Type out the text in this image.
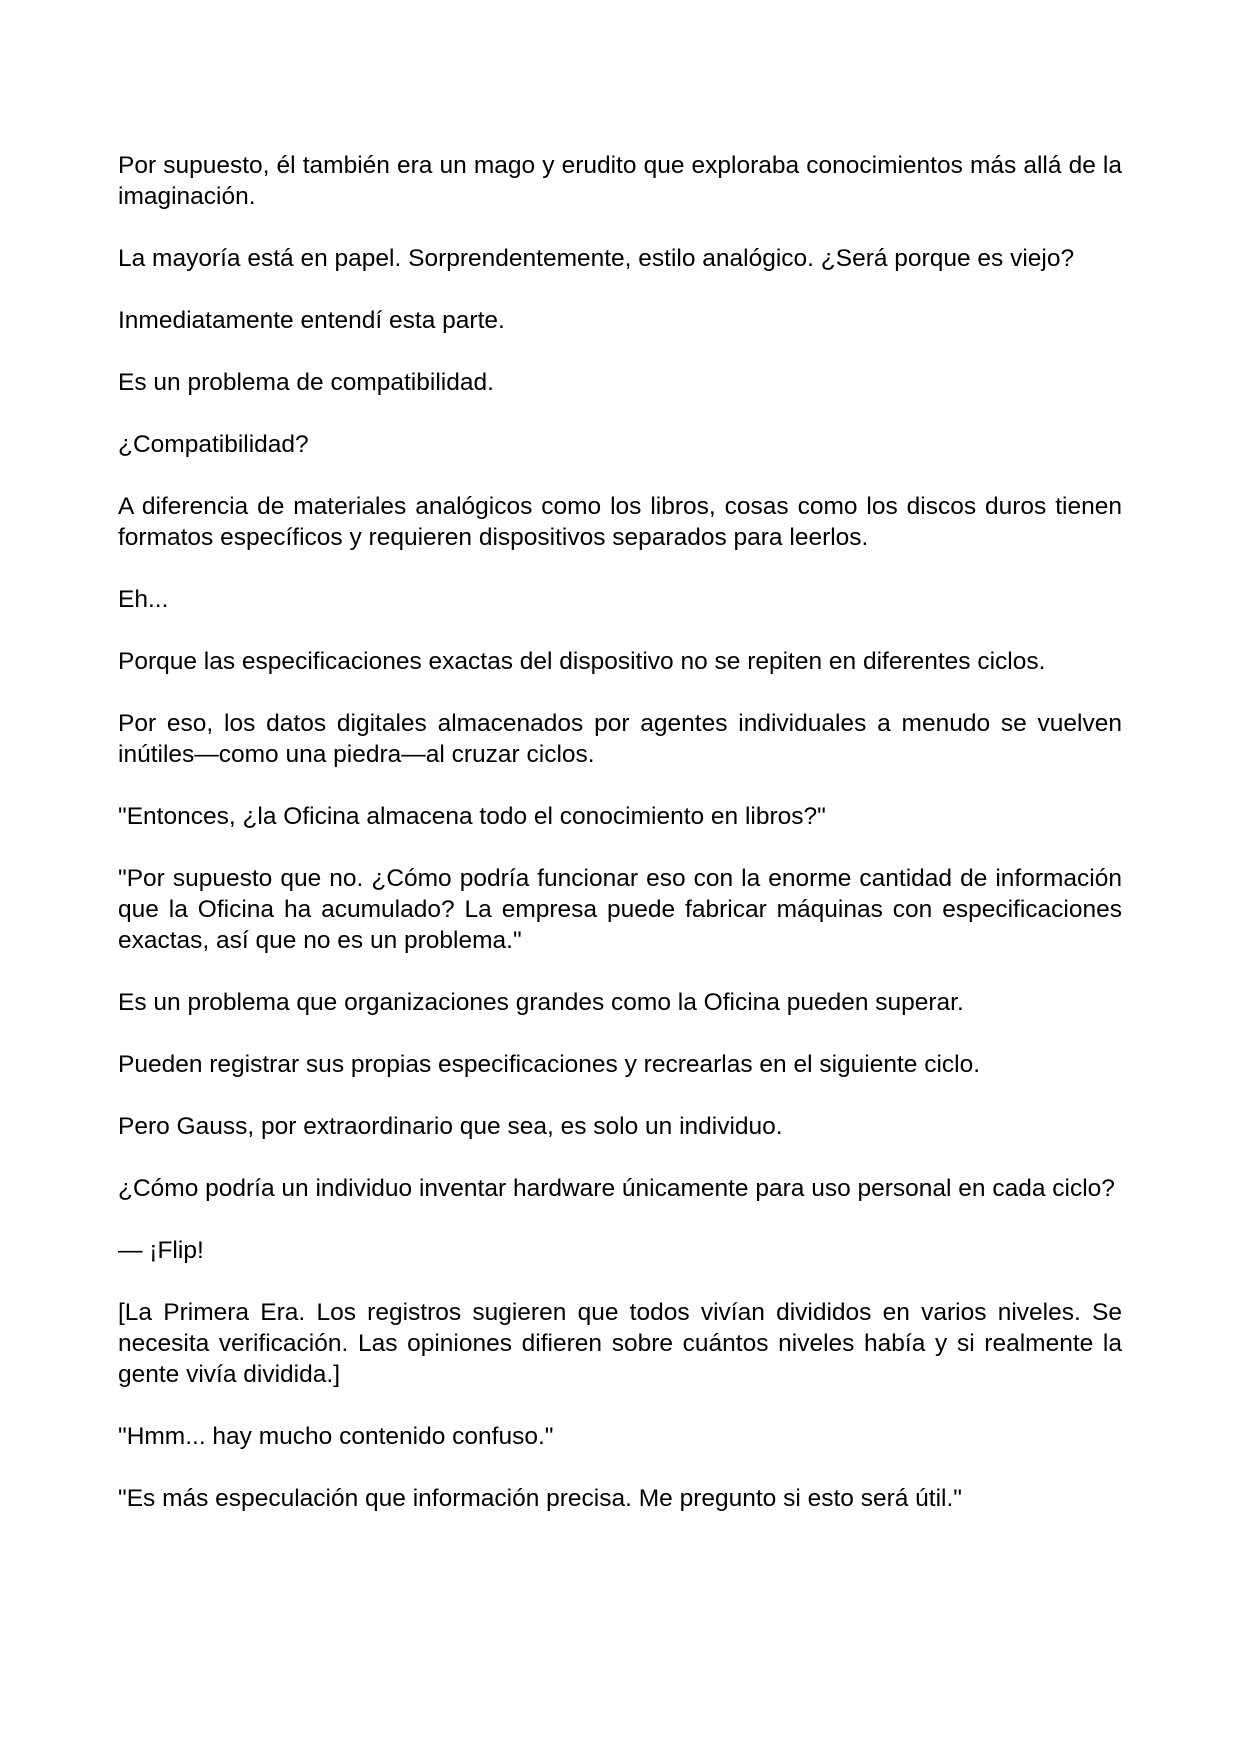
Por supuesto, él también era un mago y erudito que exploraba conocimientos más allá de la imaginación.

La mayoría está en papel. Sorprendentemente, estilo analógico. ¿Será porque es viejo?

Inmediatamente entendí esta parte.

Es un problema de compatibilidad.

¿Compatibilidad?

A diferencia de materiales analógicos como los libros, cosas como los discos duros tienen formatos específicos y requieren dispositivos separados para leerlos.

Eh...

Porque las especificaciones exactas del dispositivo no se repiten en diferentes ciclos.

Por eso, los datos digitales almacenados por agentes individuales a menudo se vuelven inútiles—como una piedra—al cruzar ciclos.

"Entonces, ¿la Oficina almacena todo el conocimiento en libros?"

"Por supuesto que no. ¿Cómo podría funcionar eso con la enorme cantidad de información que la Oficina ha acumulado? La empresa puede fabricar máquinas con especificaciones exactas, así que no es un problema."

Es un problema que organizaciones grandes como la Oficina pueden superar.

Pueden registrar sus propias especificaciones y recrearlas en el siguiente ciclo.

Pero Gauss, por extraordinario que sea, es solo un individuo.

¿Cómo podría un individuo inventar hardware únicamente para uso personal en cada ciclo?

— ¡Flip!

[La Primera Era. Los registros sugieren que todos vivían divididos en varios niveles. Se necesita verificación. Las opiniones difieren sobre cuántos niveles había y si realmente la gente vivía dividida.]

"Hmm... hay mucho contenido confuso."

"Es más especulación que información precisa. Me pregunto si esto será útil."
